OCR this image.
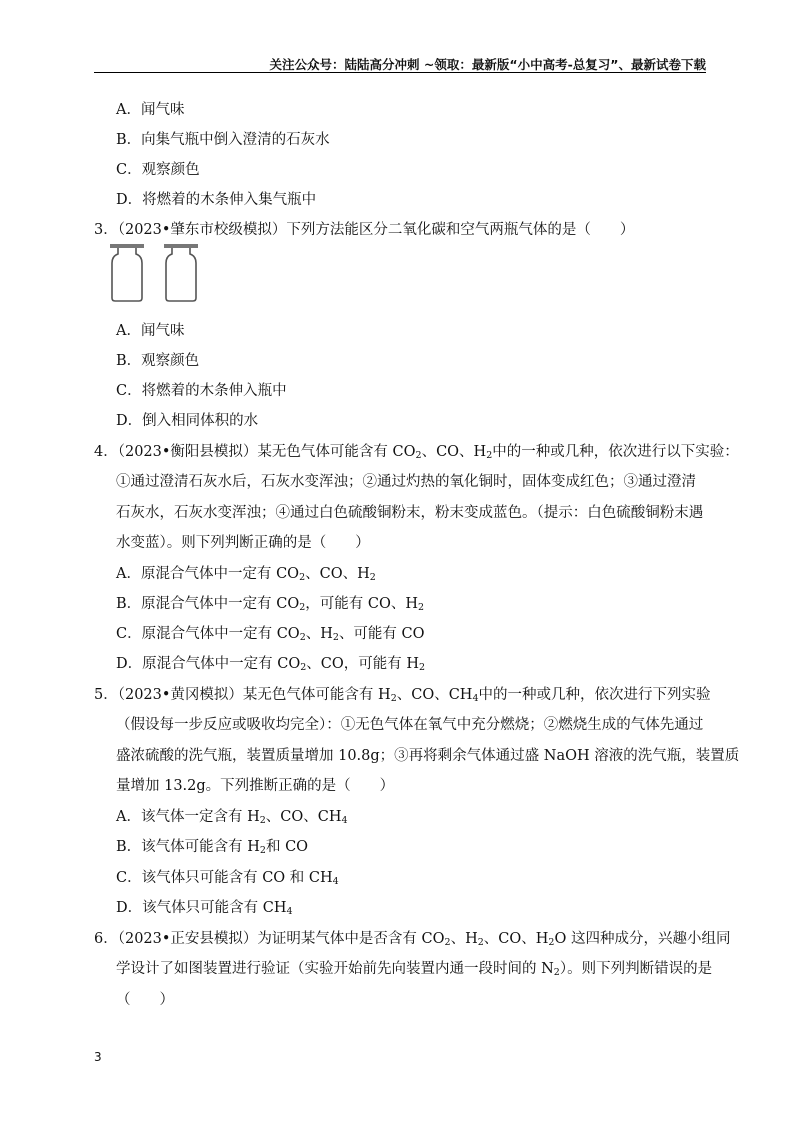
关注公众号：陆陆高分冲刺 ~领取：最新版“小中高考-总复习”、最新试卷下载
A．闻气味
B．向集气瓶中倒入澄清的石灰水
C．观察颜色
D．将燃着的木条伸入集气瓶中
3．（2023•肇东市校级模拟）下列方法能区分二氧化碳和空气两瓶气体的是（　　）
A．闻气味
B．观察颜色
C．将燃着的木条伸入瓶中
D．倒入相同体积的水
4．（2023•衡阳县模拟）某无色气体可能含有 $CO_2$、CO、$H_2$中的一种或几种，依次进行以下实验：
①通过澄清石灰水后，石灰水变浑浊；②通过灼热的氧化铜时，固体变成红色；③通过澄清
石灰水，石灰水变浑浊；④通过白色硫酸铜粉末，粉末变成蓝色。（提示：白色硫酸铜粉末遇
水变蓝）。则下列判断正确的是（　　）
A．原混合气体中一定有 $CO_2$、CO、$H_2$
B．原混合气体中一定有 $CO_2$，可能有 CO、$H_2$
C．原混合气体中一定有 $CO_2$、$H_2$、可能有 CO
D．原混合气体中一定有 $CO_2$、CO，可能有 $H_2$
5．（2023•黄冈模拟）某无色气体可能含有 $H_2$、CO、$CH_4$中的一种或几种，依次进行下列实验
（假设每一步反应或吸收均完全）：①无色气体在氧气中充分燃烧；②燃烧生成的气体先通过
盛浓硫酸的洗气瓶，装置质量增加 10.8g；③再将剩余气体通过盛 NaOH 溶液的洗气瓶，装置质
量增加 13.2g。下列推断正确的是（　　）
A．该气体一定含有 $H_2$、CO、$CH_4$
B．该气体可能含有 $H_2$和 CO
C．该气体只可能含有 CO 和 $CH_4$
D．该气体只可能含有 $CH_4$
6．（2023•正安县模拟）为证明某气体中是否含有 $CO_2$、$H_2$、CO、$H_2O$ 这四种成分，兴趣小组同
学设计了如图装置进行验证（实验开始前先向装置内通一段时间的 $N_2$）。则下列判断错误的是
（　　）
3
